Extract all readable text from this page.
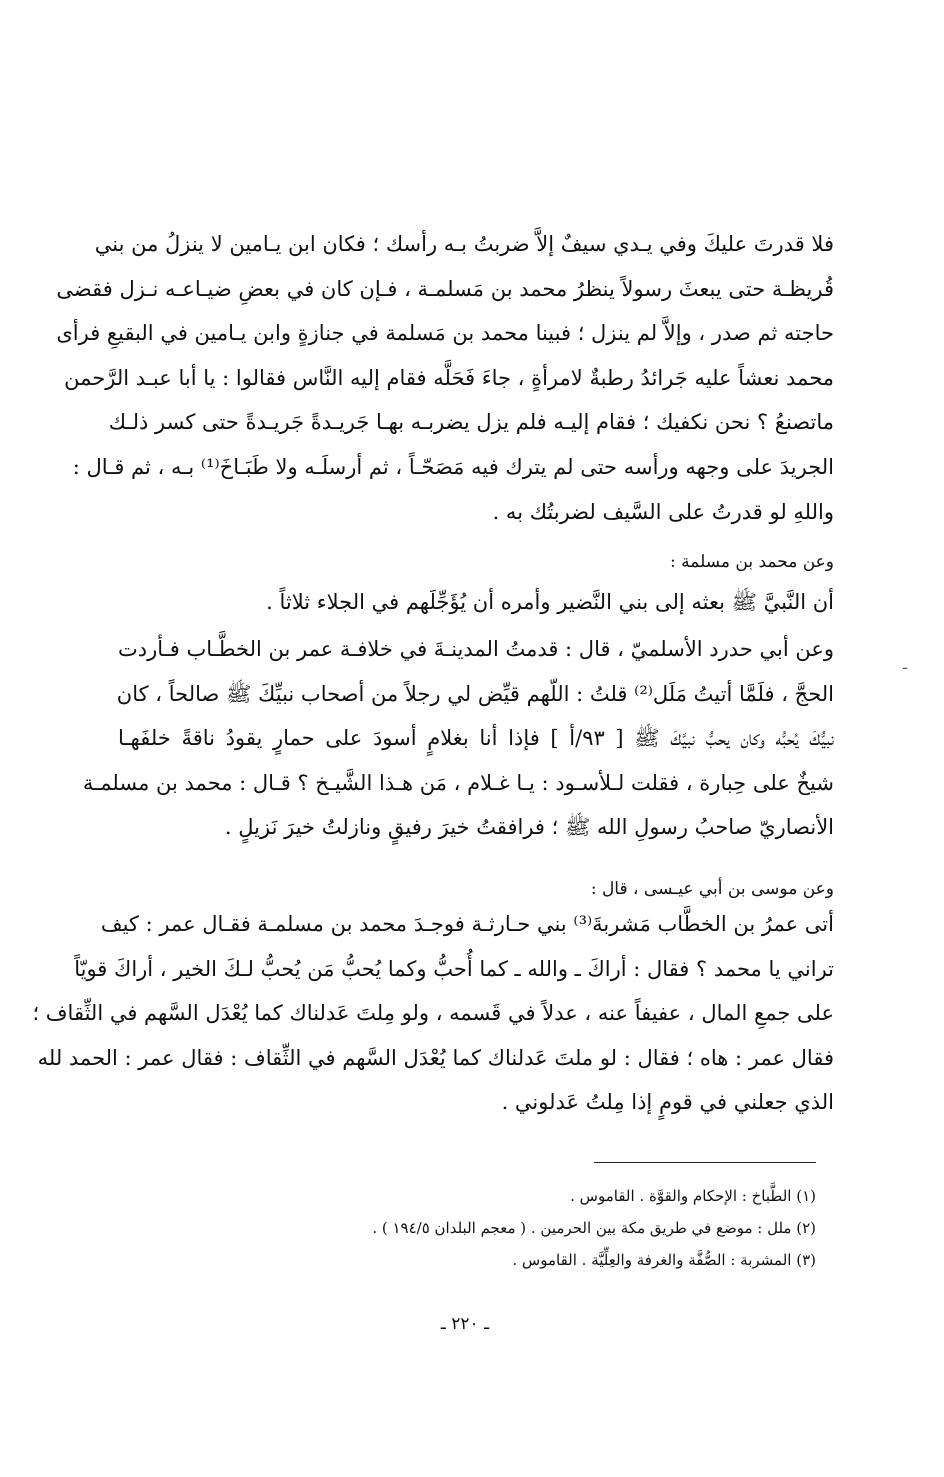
فلا قدرتَ عليكَ وفي يـدي سيفٌ إلاَّ ضربتُ بـه رأسك ؛ فكان ابن يـامين لا ينزلُ من بني
قُريظـة حتى يبعثَ رسولاً ينظرُ محمد بن مَسلمـة ، فـإن كان في بعضِ ضيـاعـه نـزل فقضى
حاجته ثم صدر ، وإلاَّ لم ينزل ؛ فبينا محمد بن مَسلمة في جنازةٍ وابن يـامين في البقيعِ فرأى
محمد نعشاً عليه جَرائدُ رطبةٌ لامرأةٍ ، جاءَ فَحَلَّه فقام إليه النَّاس فقالوا : يا أبا عبـد الرَّحمن
ماتصنعُ ؟ نحن نكفيك ؛ فقام إليـه فلم يزل يضربـه بهـا جَريـدةً جَريـدةً حتى كسر ذلـك
الجريدَ على وجهه ورأسه حتى لم يترك فيه مَصَحّـاً ، ثم أرسلَـه ولا طَبَـاخَ⁽¹⁾ بـه ، ثم قـال :
واللهِ لو قدرتُ على السَّيف لضربتُك به .
وعن محمد بن مسلمة :
أن النَّبيَّ ﷺ بعثه إلى بني النَّضير وأمره أن يُؤَجِّلَهم في الجلاء ثلاثاً .
ـ
وعن أبي حدرد الأسلميّ ، قال : قدمتُ المدينـةَ في خلافـة عمر بن الخطَّـاب فـأردت
الحجَّ ، فلَمَّا أتيتُ مَلَل⁽²⁾ قلتُ : اللّهم قيِّض لي رجلاً من أصحاب نبيِّكَ ﷺ صالحاً ، كان
نبيُّكَ يُحبُّه وكان يحبُّ نبيَّكَ ﷺ [ ٩٣/أ ] فإذا أنا بغلامٍ أسودَ على حمارٍ يقودُ ناقةً خلفَهـا
شيخٌ على حِبارة ، فقلت لـلأسـود : يـا غـلام ، مَن هـذا الشَّيـخ ؟ قـال : محمد بن مسلمـة
الأنصاريّ صاحبُ رسولِ الله ﷺ ؛ فرافقتُ خيرَ رفيقٍ ونازلتُ خيرَ نَزيلٍ .
وعن موسى بن أبي عيـسى ، قال :
أتى عمرُ بن الخطَّاب مَشربةَ⁽³⁾ بني حـارثـة فوجـدَ محمد بن مسلمـة فقـال عمر : كيف
تراني يا محمد ؟ فقال : أراكَ ـ والله ـ كما أُحبُّ وكما يُحبُّ مَن يُحبُّ لـكَ الخير ، أراكَ قويّاً
على جمعِ المال ، عفيفاً عنه ، عدلاً في قَسمه ، ولو مِلتَ عَدلناك كما يُعْدَل السَّهم في الثِّقاف ؛
فقال عمر : هاه ؛ فقال : لو ملتَ عَدلناك كما يُعْدَل السَّهم في الثِّقاف : فقال عمر : الحمد لله
الذي جعلني في قومٍ إذا مِلتُ عَدلوني .
(١) الطَّباخ : الإحكام والقوَّة . القاموس .
(٢) ملل : موضع في طريق مكة بين الحرمين . ( معجم البلدان ١٩٤/٥ ) .
(٣) المشربة : الصُّفَّة والغرفة والعِلِّيَّة . القاموس .
ـ ٢٢٠ ـ
